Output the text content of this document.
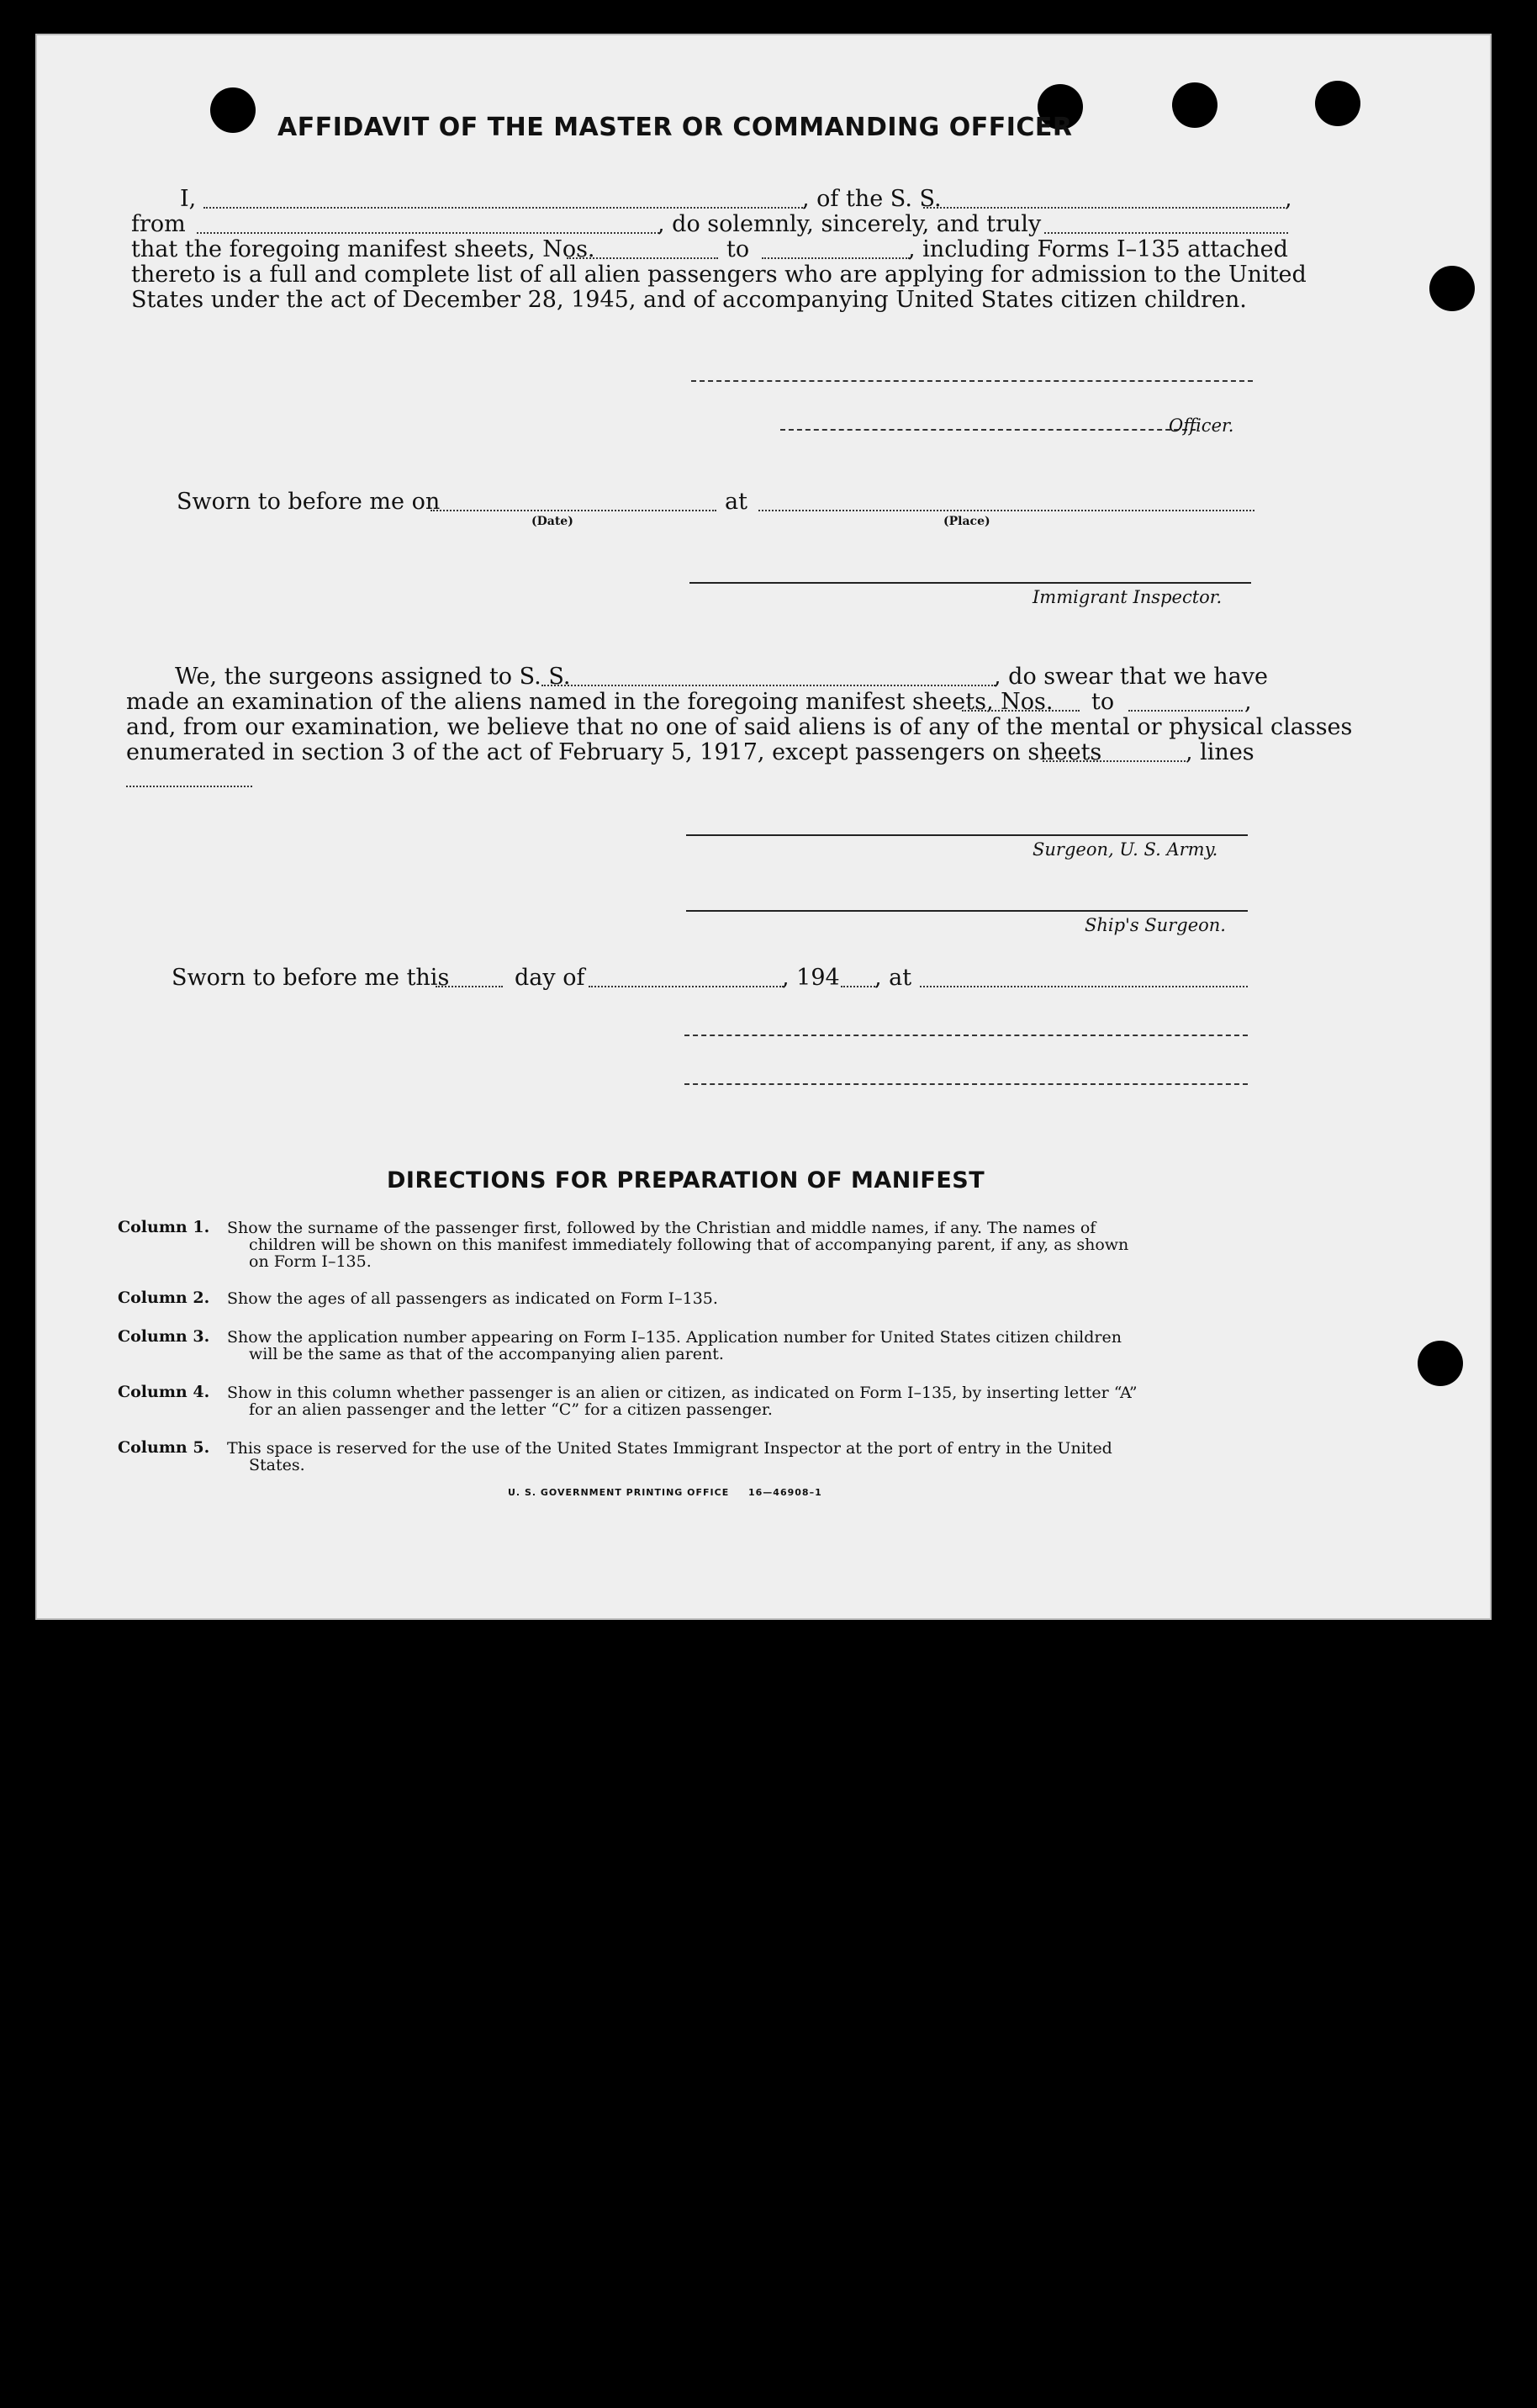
AFFIDAVIT OF THE MASTER OR COMMANDING OFFICER
I,	, of the S. S.	,
from	, do solemnly, sincerely, and truly
that the foregoing manifest sheets, Nos.	to	, including Forms I–135 attached
thereto is a full and complete list of all alien passengers who are applying for admission to the United
States under the act of December 28, 1945, and of accompanying United States citizen children.
Officer.
Sworn to before me on
(Date)
at
(Place)
Immigrant Inspector.
We, the surgeons assigned to S. S.	, do swear that we have
made an examination of the aliens named in the foregoing manifest sheets, Nos. to	,
and, from our examination, we believe that no one of said aliens is of any of the mental or physical classes
enumerated in section 3 of the act of February 5, 1917, except passengers on sheets	, lines
Surgeon, U. S. Army.
Ship's Surgeon.
Sworn to before me this	day of	, 194 , at
DIRECTIONS FOR PREPARATION OF MANIFEST
Column 1. Show the surname of the passenger first, followed by the Christian and middle names, if any. The names of
children will be shown on this manifest immediately following that of accompanying parent, if any, as shown
on Form I–135.
Column 2. Show the ages of all passengers as indicated on Form I–135.
Column 3. Show the application number appearing on Form I–135. Application number for United States citizen children
will be the same as that of the accompanying alien parent.
Column 4. Show in this column whether passenger is an alien or citizen, as indicated on Form I–135, by inserting letter “A”
for an alien passenger and the letter “C” for a citizen passenger.
Column 5. This space is reserved for the use of the United States Immigrant Inspector at the port of entry in the United
States.
U. S. GOVERNMENT PRINTING OFFICE 16—46908–1
